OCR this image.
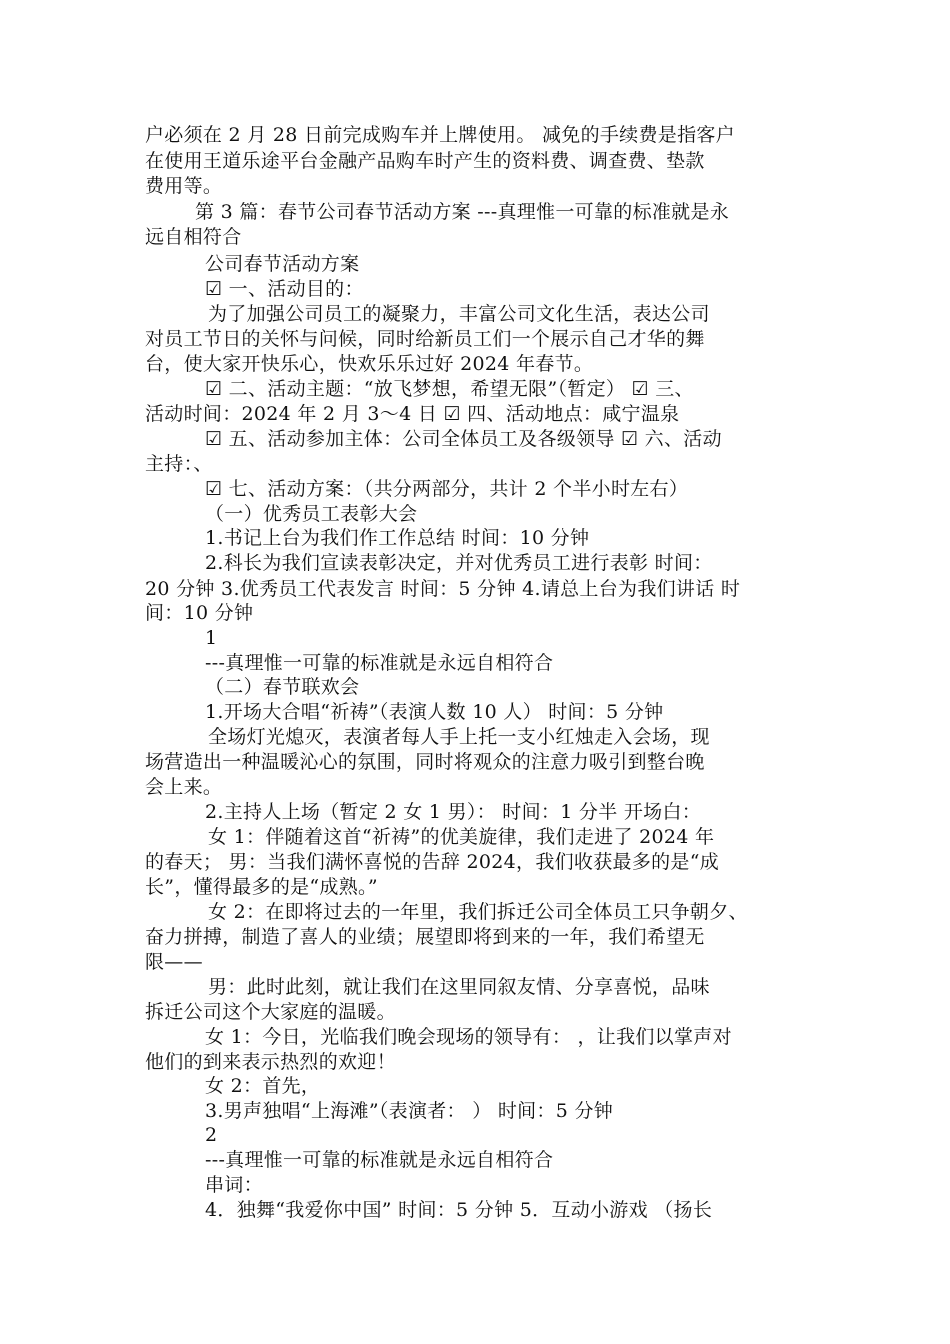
户必须在 2 月 28 日前完成购车并上牌使用。 减免的手续费是指客户
在使用王道乐途平台金融产品购车时产生的资料费、调查费、垫款
费用等。
第 3 篇：春节公司春节活动方案 ---真理惟一可靠的标准就是永
远自相符合
公司春节活动方案
☑ 一、活动目的：
为了加强公司员工的凝聚力，丰富公司文化生活，表达公司
对员工节日的关怀与问候，同时给新员工们一个展示自己才华的舞
台，使大家开快乐心，快欢乐乐过好 2024 年春节。
☑ 二、活动主题：“放飞梦想，希望无限”（暂定） ☑ 三、
活动时间：2024 年 2 月 3～4 日 ☑ 四、活动地点：咸宁温泉
☑ 五、活动参加主体：公司全体员工及各级领导 ☑ 六、活动
主持：、
☑ 七、活动方案：（共分两部分，共计 2 个半小时左右）
（一）优秀员工表彰大会
1.书记上台为我们作工作总结 时间：10 分钟
2.科长为我们宣读表彰决定，并对优秀员工进行表彰 时间：
20 分钟 3.优秀员工代表发言 时间：5 分钟 4.请总上台为我们讲话 时
间：10 分钟
1
---真理惟一可靠的标准就是永远自相符合
（二）春节联欢会
1.开场大合唱“祈祷”（表演人数 10 人） 时间：5 分钟
全场灯光熄灭，表演者每人手上托一支小红烛走入会场，现
场营造出一种温暖沁心的氛围，同时将观众的注意力吸引到整台晚
会上来。
2.主持人上场（暂定 2 女 1 男）： 时间：1 分半 开场白：
女 1：伴随着这首“祈祷”的优美旋律，我们走进了 2024 年
的春天； 男：当我们满怀喜悦的告辞 2024，我们收获最多的是“成
长”，懂得最多的是“成熟。”
女 2：在即将过去的一年里，我们拆迁公司全体员工只争朝夕、
奋力拼搏，制造了喜人的业绩；展望即将到来的一年，我们希望无
限——
男：此时此刻，就让我们在这里同叙友情、分享喜悦，品味
拆迁公司这个大家庭的温暖。
女 1：今日，光临我们晚会现场的领导有： ，让我们以掌声对
他们的到来表示热烈的欢迎！
女 2：首先，
3.男声独唱“上海滩”（表演者： ） 时间：5 分钟
2
---真理惟一可靠的标准就是永远自相符合
串词：
4．独舞“我爱你中国” 时间：5 分钟 5．互动小游戏 （扬长
